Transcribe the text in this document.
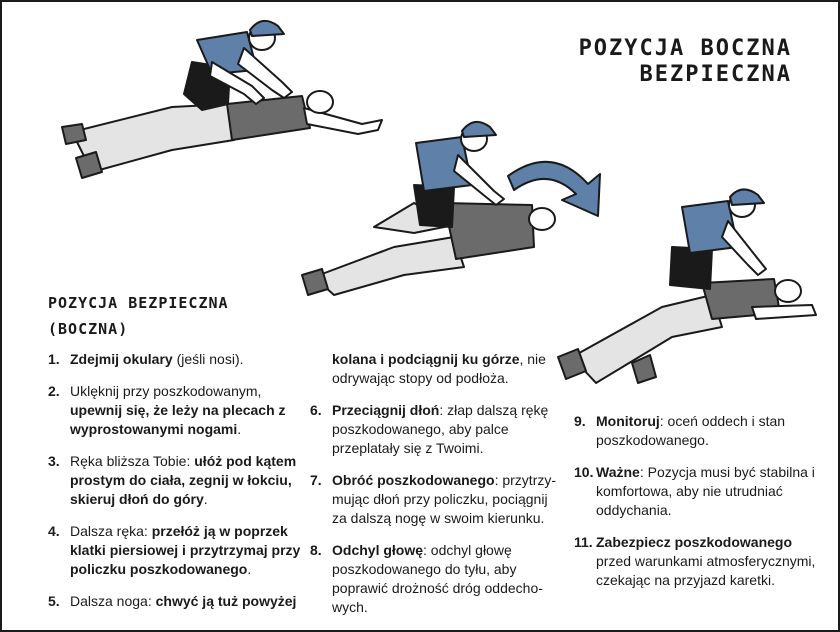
POZYCJA BOCZNA
BEZPIECZNA
POZYCJA BEZPIECZNA
(BOCZNA)
1. Zdejmij okulary (jeśli nosi).
2. Uklęknij przy poszkodowanym, upewnij się, że leży na plecach z wyprostowanymi nogami.
3. Ręka bliższa Tobie: ułóż pod kątem prostym do ciała, zegnij w łokciu, skieruj dłoń do góry.
4. Dalsza ręka: przełóż ją w poprzek klatki piersiowej i przytrzymaj przy policzku poszkodowanego.
5. Dalsza noga: chwyć ją tuż powyżej
kolana i podciągnij ku górze, nie odrywając stopy od podłoża.
6. Przeciągnij dłoń: złap dalszą rękę poszkodowanego, aby palce przeplatały się z Twoimi.
7. Obróć poszkodowanego: przytrzy-mując dłoń przy policzku, pociągnij za dalszą nogę w swoim kierunku.
8. Odchyl głowę: odchyl głowę poszkodowanego do tyłu, aby poprawić drożność dróg oddecho-wych.
9. Monitoruj: oceń oddech i stan poszkodowanego.
10. Ważne: Pozycja musi być stabilna i komfortowa, aby nie utrudniać oddychania.
11. Zabezpiecz poszkodowanego przed warunkami atmosferycznymi, czekając na przyjazd karetki.
